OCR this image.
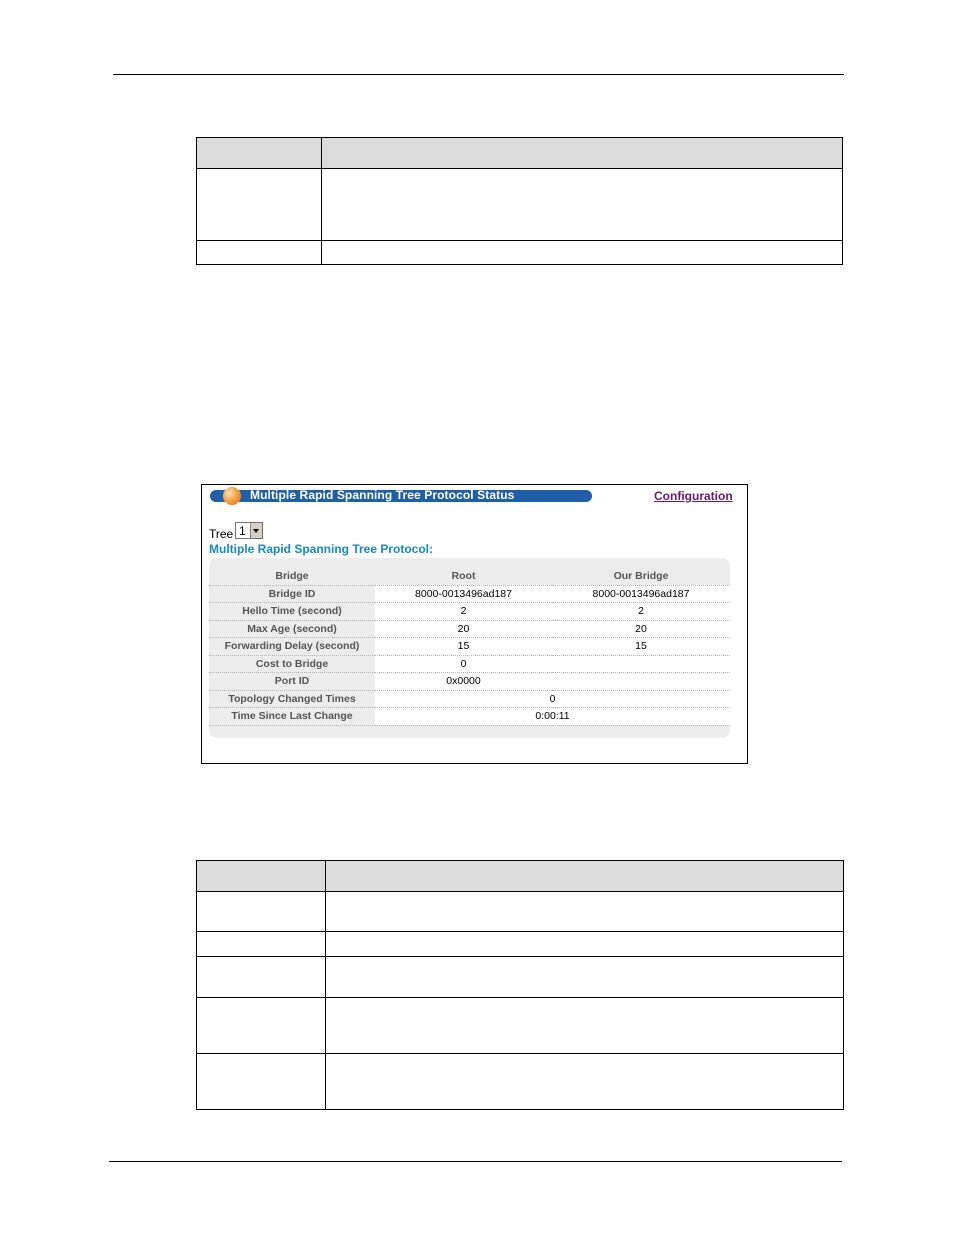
Multiple Rapid Spanning Tree Protocol Status	Configuration
Tree 1
Multiple Rapid Spanning Tree Protocol:
Bridge	Root	Our Bridge
Bridge ID	8000-0013496ad187	8000-0013496ad187
Hello Time (second)	2	2
Max Age (second)	20	20
Forwarding Delay (second)	15	15
Cost to Bridge	0	
Port ID	0x0000	
Topology Changed Times	0	
Time Since Last Change	0:00:11	
